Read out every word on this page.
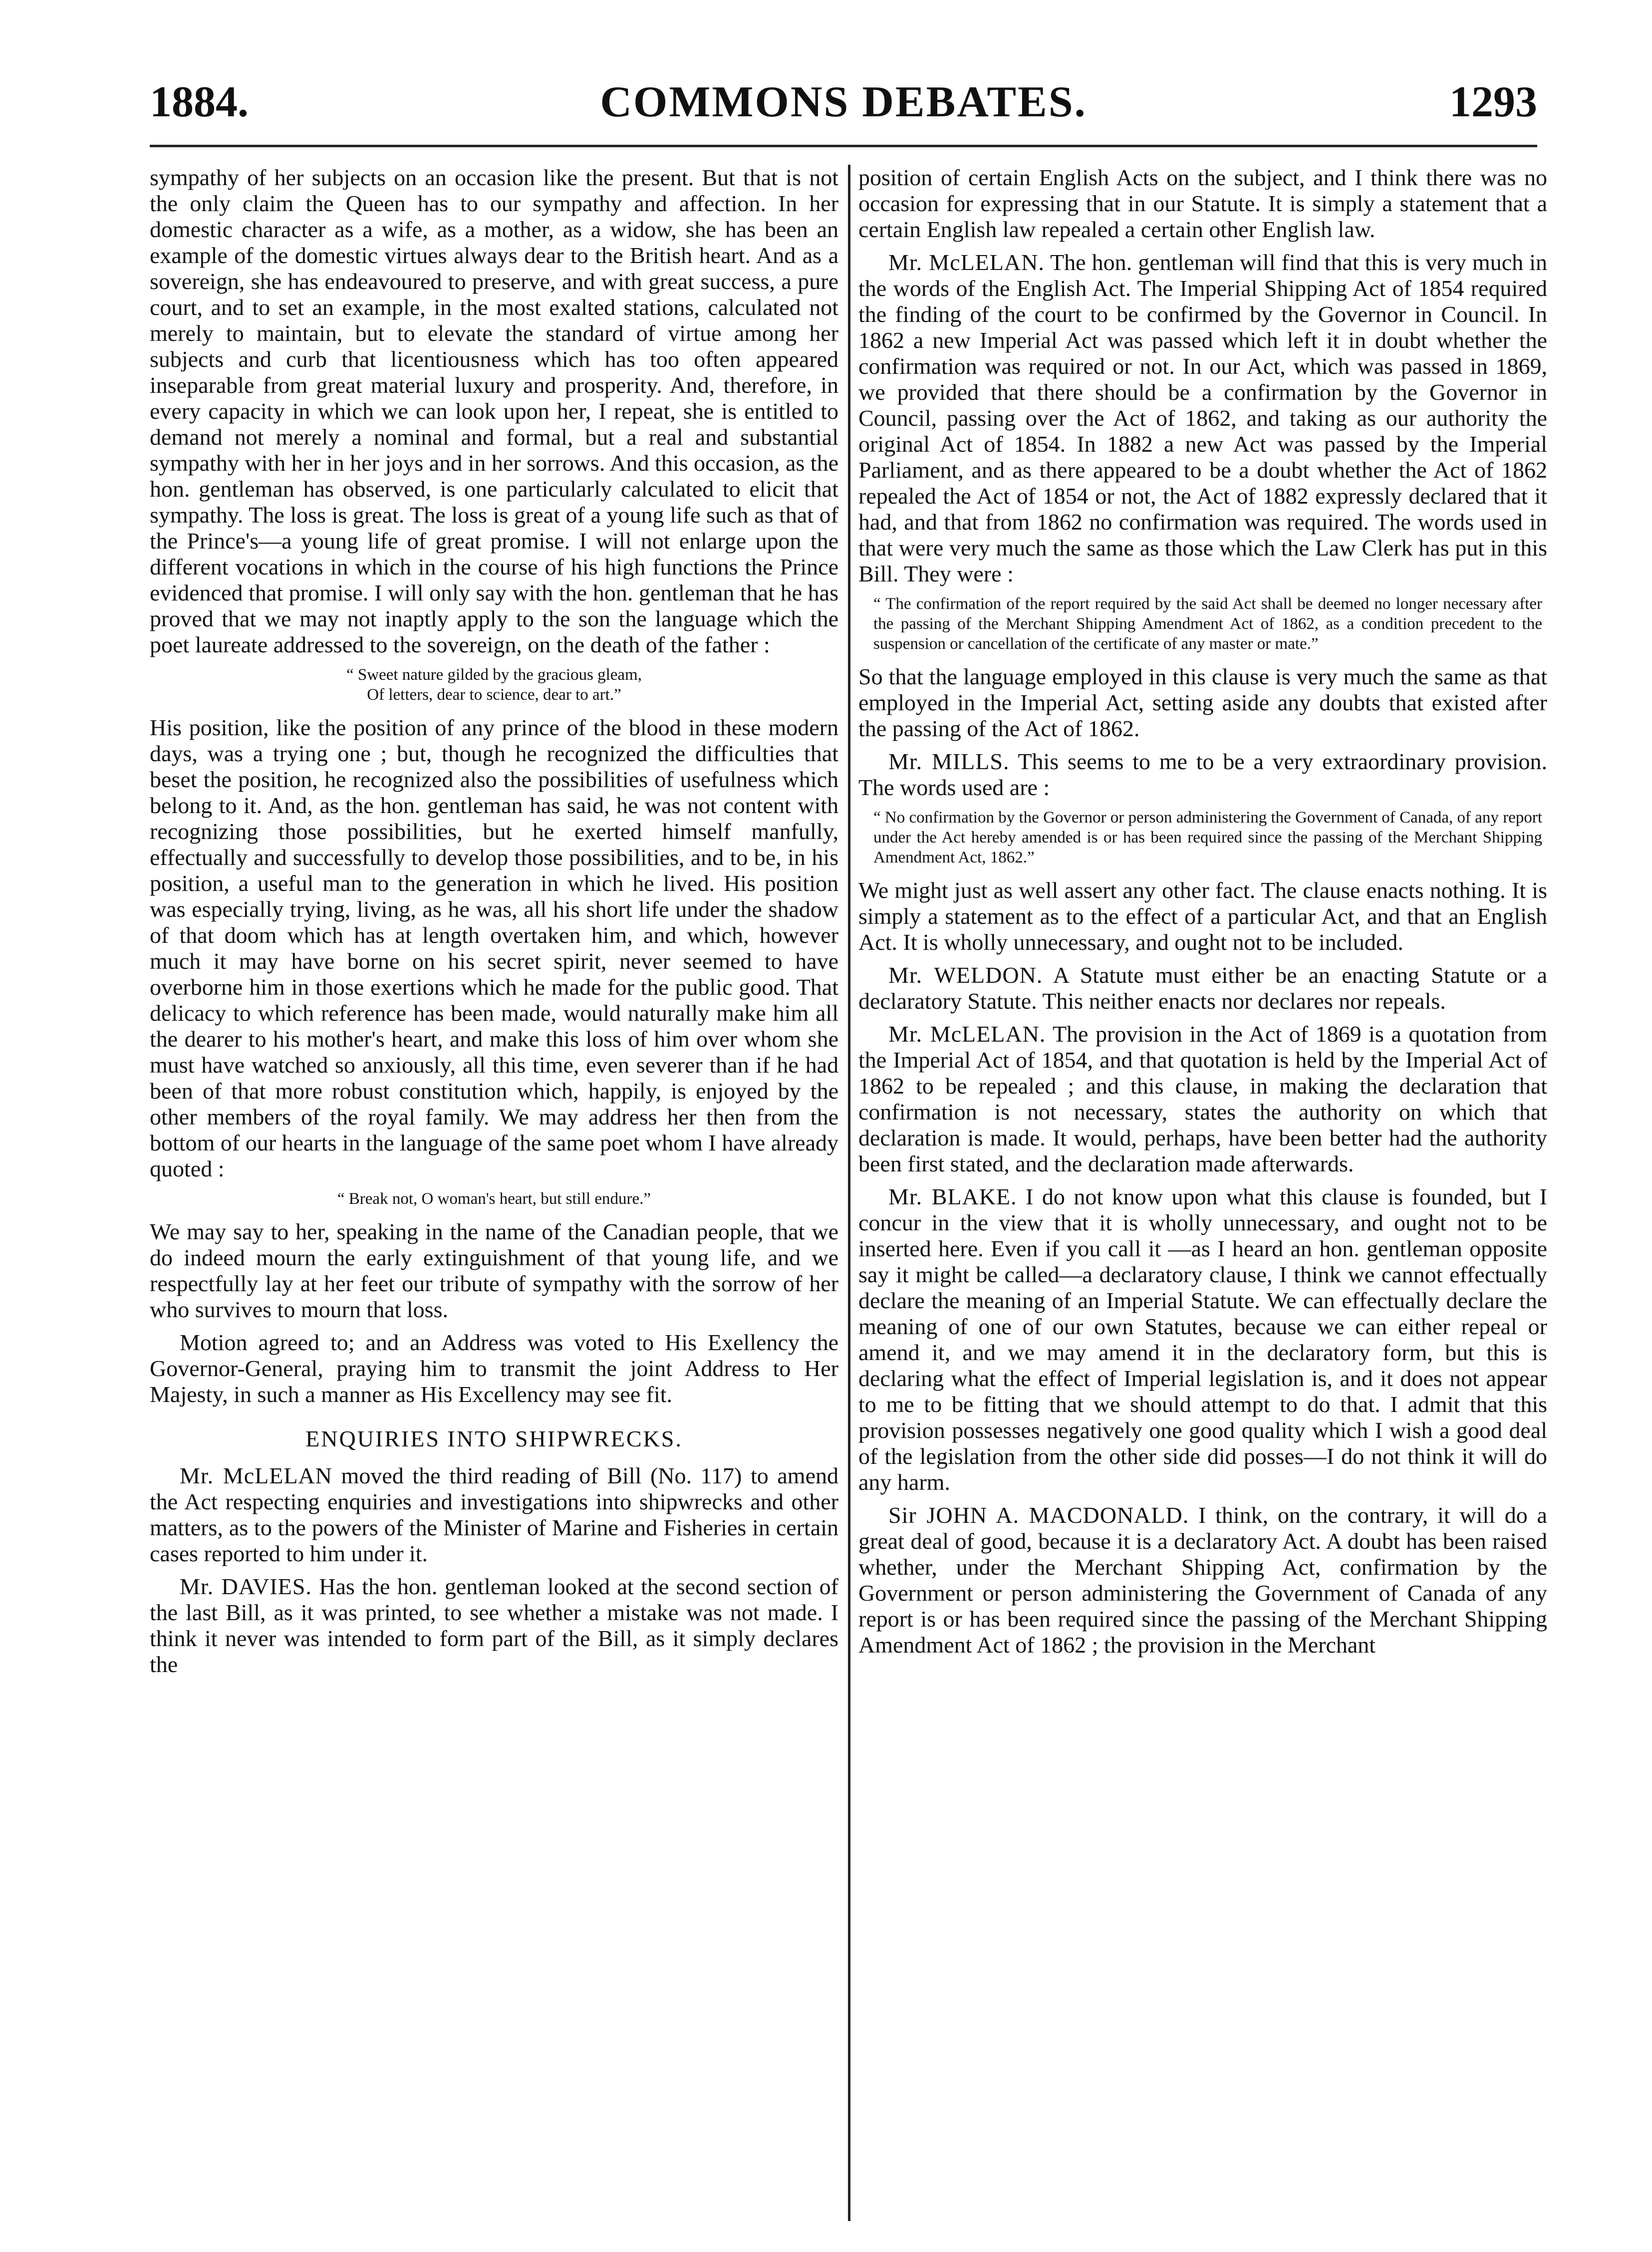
1884.	COMMONS DEBATES.	1293

sympathy of her subjects on an occasion like the present. But that is not the only claim the Queen has to our sympathy and affection. In her domestic character as a wife, as a mother, as a widow, she has been an example of the domestic virtues always dear to the British heart. And as a sovereign, she has endeavoured to preserve, and with great success, a pure court, and to set an example, in the most exalted stations, calculated not merely to maintain, but to elevate the standard of virtue among her subjects and curb that licentiousness which has too often appeared inseparable from great material luxury and prosperity. And, therefore, in every capacity in which we can look upon her, I repeat, she is entitled to demand not merely a nominal and formal, but a real and substantial sympathy with her in her joys and in her sorrows. And this occasion, as the hon. gentleman has observed, is one particularly calculated to elicit that sympathy. The loss is great. The loss is great of a young life such as that of the Prince's—a young life of great promise. I will not enlarge upon the different vocations in which in the course of his high functions the Prince evidenced that promise. I will only say with the hon. gentleman that he has proved that we may not inaptly apply to the son the language which the poet laureate addressed to the sovereign, on the death of the father :

“ Sweet nature gilded by the gracious gleam,
Of letters, dear to science, dear to art.”

His position, like the position of any prince of the blood in these modern days, was a trying one ; but, though he recognized the difficulties that beset the position, he recognized also the possibilities of usefulness which belong to it. And, as the hon. gentleman has said, he was not content with recognizing those possibilities, but he exerted himself manfully, effectually and successfully to develop those possibilities, and to be, in his position, a useful man to the generation in which he lived. His position was especially trying, living, as he was, all his short life under the shadow of that doom which has at length overtaken him, and which, however much it may have borne on his secret spirit, never seemed to have overborne him in those exertions which he made for the public good. That delicacy to which reference has been made, would naturally make him all the dearer to his mother's heart, and make this loss of him over whom she must have watched so anxiously, all this time, even severer than if he had been of that more robust constitution which, happily, is enjoyed by the other members of the royal family. We may address her then from the bottom of our hearts in the language of the same poet whom I have already quoted :

“ Break not, O woman's heart, but still endure.”

We may say to her, speaking in the name of the Canadian people, that we do indeed mourn the early extinguishment of that young life, and we respectfully lay at her feet our tribute of sympathy with the sorrow of her who survives to mourn that loss.

Motion agreed to; and an Address was voted to His Exellency the Governor-General, praying him to transmit the joint Address to Her Majesty, in such a manner as His Excellency may see fit.

ENQUIRIES INTO SHIPWRECKS.

Mr. McLELAN moved the third reading of Bill (No. 117) to amend the Act respecting enquiries and investigations into shipwrecks and other matters, as to the powers of the Minister of Marine and Fisheries in certain cases reported to him under it.

Mr. DAVIES. Has the hon. gentleman looked at the second section of the last Bill, as it was printed, to see whether a mistake was not made. I think it never was intended to form part of the Bill, as it simply declares the

position of certain English Acts on the subject, and I think there was no occasion for expressing that in our Statute. It is simply a statement that a certain English law repealed a certain other English law.

Mr. McLELAN. The hon. gentleman will find that this is very much in the words of the English Act. The Imperial Shipping Act of 1854 required the finding of the court to be confirmed by the Governor in Council. In 1862 a new Imperial Act was passed which left it in doubt whether the confirmation was required or not. In our Act, which was passed in 1869, we provided that there should be a confirmation by the Governor in Council, passing over the Act of 1862, and taking as our authority the original Act of 1854. In 1882 a new Act was passed by the Imperial Parliament, and as there appeared to be a doubt whether the Act of 1862 repealed the Act of 1854 or not, the Act of 1882 expressly declared that it had, and that from 1862 no confirmation was required. The words used in that were very much the same as those which the Law Clerk has put in this Bill. They were :

“ The confirmation of the report required by the said Act shall be deemed no longer necessary after the passing of the Merchant Shipping Amendment Act of 1862, as a condition precedent to the suspension or cancellation of the certificate of any master or mate.”

So that the language employed in this clause is very much the same as that employed in the Imperial Act, setting aside any doubts that existed after the passing of the Act of 1862.

Mr. MILLS. This seems to me to be a very extraordinary provision. The words used are :

“ No confirmation by the Governor or person administering the Government of Canada, of any report under the Act hereby amended is or has been required since the passing of the Merchant Shipping Amendment Act, 1862.”

We might just as well assert any other fact. The clause enacts nothing. It is simply a statement as to the effect of a particular Act, and that an English Act. It is wholly unnecessary, and ought not to be included.

Mr. WELDON. A Statute must either be an enacting Statute or a declaratory Statute. This neither enacts nor declares nor repeals.

Mr. McLELAN. The provision in the Act of 1869 is a quotation from the Imperial Act of 1854, and that quotation is held by the Imperial Act of 1862 to be repealed ; and this clause, in making the declaration that confirmation is not necessary, states the authority on which that declaration is made. It would, perhaps, have been better had the authority been first stated, and the declaration made afterwards.

Mr. BLAKE. I do not know upon what this clause is founded, but I concur in the view that it is wholly unnecessary, and ought not to be inserted here. Even if you call it —as I heard an hon. gentleman opposite say it might be called—a declaratory clause, I think we cannot effectually declare the meaning of an Imperial Statute. We can effectually declare the meaning of one of our own Statutes, because we can either repeal or amend it, and we may amend it in the declaratory form, but this is declaring what the effect of Imperial legislation is, and it does not appear to me to be fitting that we should attempt to do that. I admit that this provision possesses negatively one good quality which I wish a good deal of the legislation from the other side did posses—I do not think it will do any harm.

Sir JOHN A. MACDONALD. I think, on the contrary, it will do a great deal of good, because it is a declaratory Act. A doubt has been raised whether, under the Merchant Shipping Act, confirmation by the Government or person administering the Government of Canada of any report is or has been required since the passing of the Merchant Shipping Amendment Act of 1862 ; the provision in the Merchant
